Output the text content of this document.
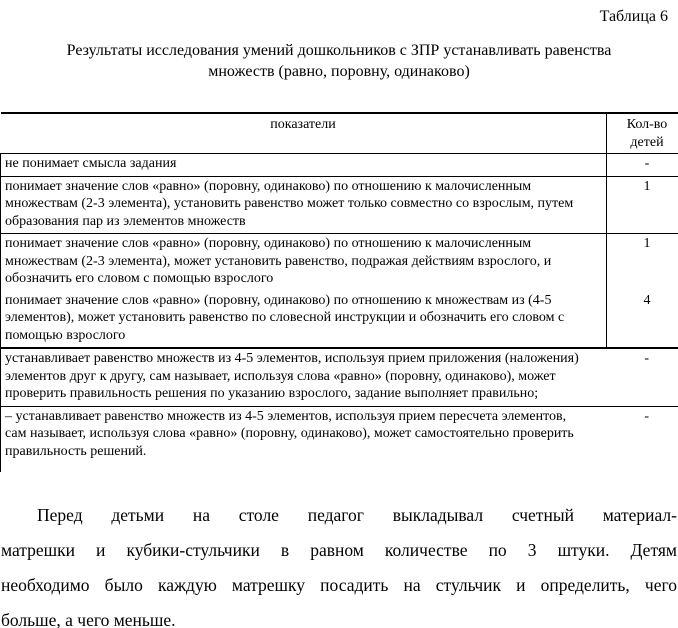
Таблица 6
Результаты исследования умений дошкольников с ЗПР устанавливать равенства множеств (равно, поровну, одинаково)
показатели	Кол-во детей
не понимает смысла задания	-
понимает значение слов «равно» (поровну, одинаково) по отношению к малочисленным множествам (2-3 элемента), установить равенство может только совместно со взрослым, путем образования пар из элементов множеств	1
понимает значение слов «равно» (поровну, одинаково) по отношению к малочисленным множествам (2-3 элемента), может установить равенство, подражая действиям взрослого, и обозначить его словом с помощью взрослого	1
понимает значение слов «равно» (поровну, одинаково) по отношению к множествам из (4-5 элементов), может установить равенство по словесной инструкции и обозначить его словом с помощью взрослого	4
устанавливает равенство множеств из 4-5 элементов, используя прием приложения (наложения) элементов друг к другу, сам называет, используя слова «равно» (поровну, одинаково), может проверить правильность решения по указанию взрослого, задание выполняет правильно;	-
– устанавливает равенство множеств из 4-5 элементов, используя прием пересчета элементов, сам называет, используя слова «равно» (поровну, одинаково), может самостоятельно проверить правильность решений.	-
Перед детьми на столе педагог выкладывал счетный материал-
матрешки и кубики-стульчики в равном количестве по 3 штуки. Детям
необходимо было каждую матрешку посадить на стульчик и определить, чего
больше, а чего меньше.
